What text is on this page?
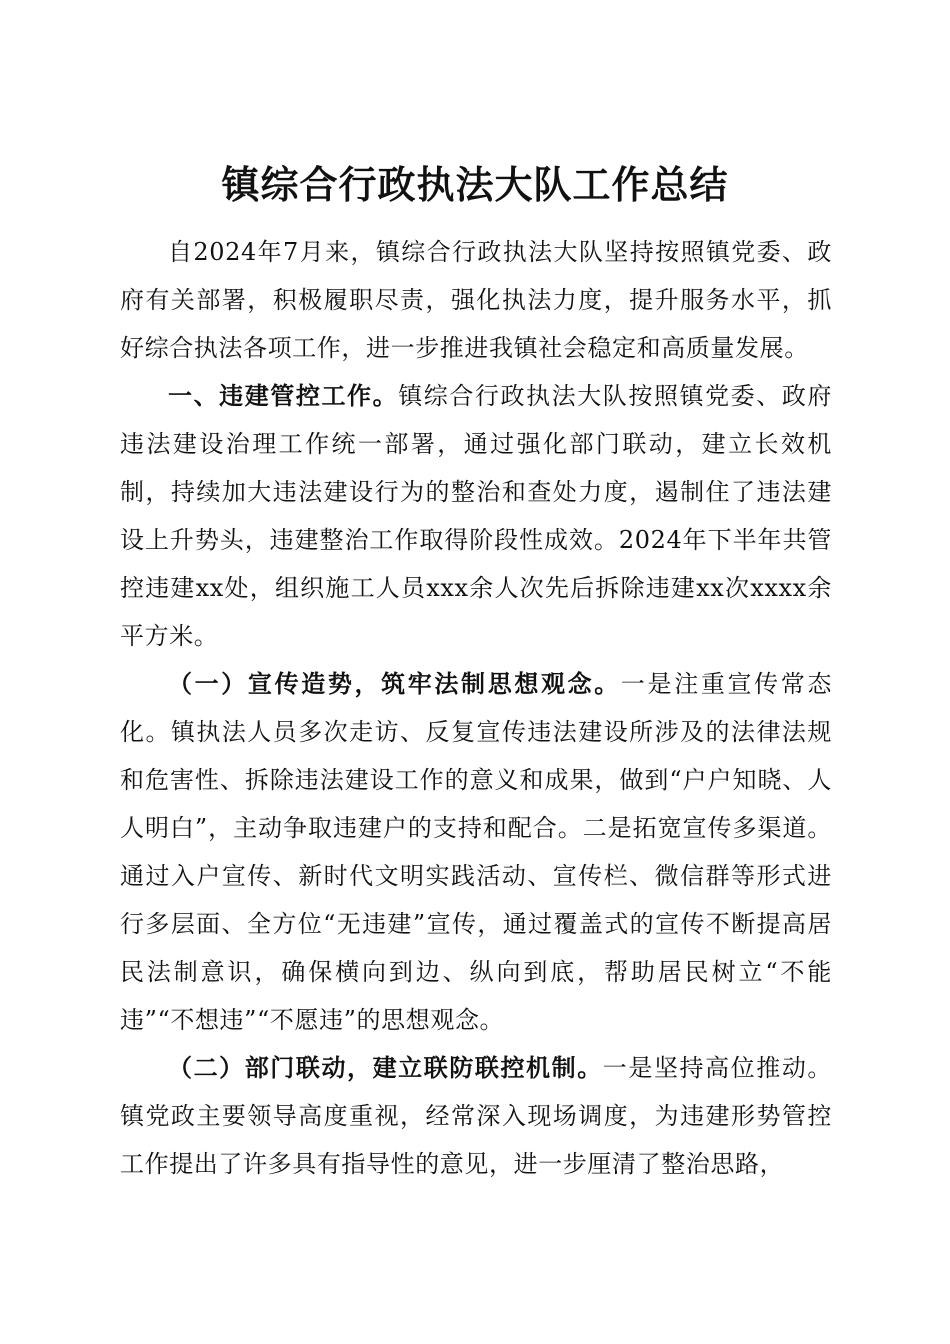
镇综合行政执法大队工作总结

自2024年7月来，镇综合行政执法大队坚持按照镇党委、政府有关部署，积极履职尽责，强化执法力度，提升服务水平，抓好综合执法各项工作，进一步推进我镇社会稳定和高质量发展。

一、违建管控工作。镇综合行政执法大队按照镇党委、政府违法建设治理工作统一部署，通过强化部门联动，建立长效机制，持续加大违法建设行为的整治和查处力度，遏制住了违法建设上升势头，违建整治工作取得阶段性成效。2024年下半年共管控违建xx处，组织施工人员xxx余人次先后拆除违建xx次xxxx余平方米。

（一）宣传造势，筑牢法制思想观念。一是注重宣传常态化。镇执法人员多次走访、反复宣传违法建设所涉及的法律法规和危害性、拆除违法建设工作的意义和成果，做到“户户知晓、人人明白”，主动争取违建户的支持和配合。二是拓宽宣传多渠道。通过入户宣传、新时代文明实践活动、宣传栏、微信群等形式进行多层面、全方位“无违建”宣传，通过覆盖式的宣传不断提高居民法制意识，确保横向到边、纵向到底，帮助居民树立“不能违”“不想违”“不愿违”的思想观念。

（二）部门联动，建立联防联控机制。一是坚持高位推动。镇党政主要领导高度重视，经常深入现场调度，为违建形势管控工作提出了许多具有指导性的意见，进一步厘清了整治思路，
